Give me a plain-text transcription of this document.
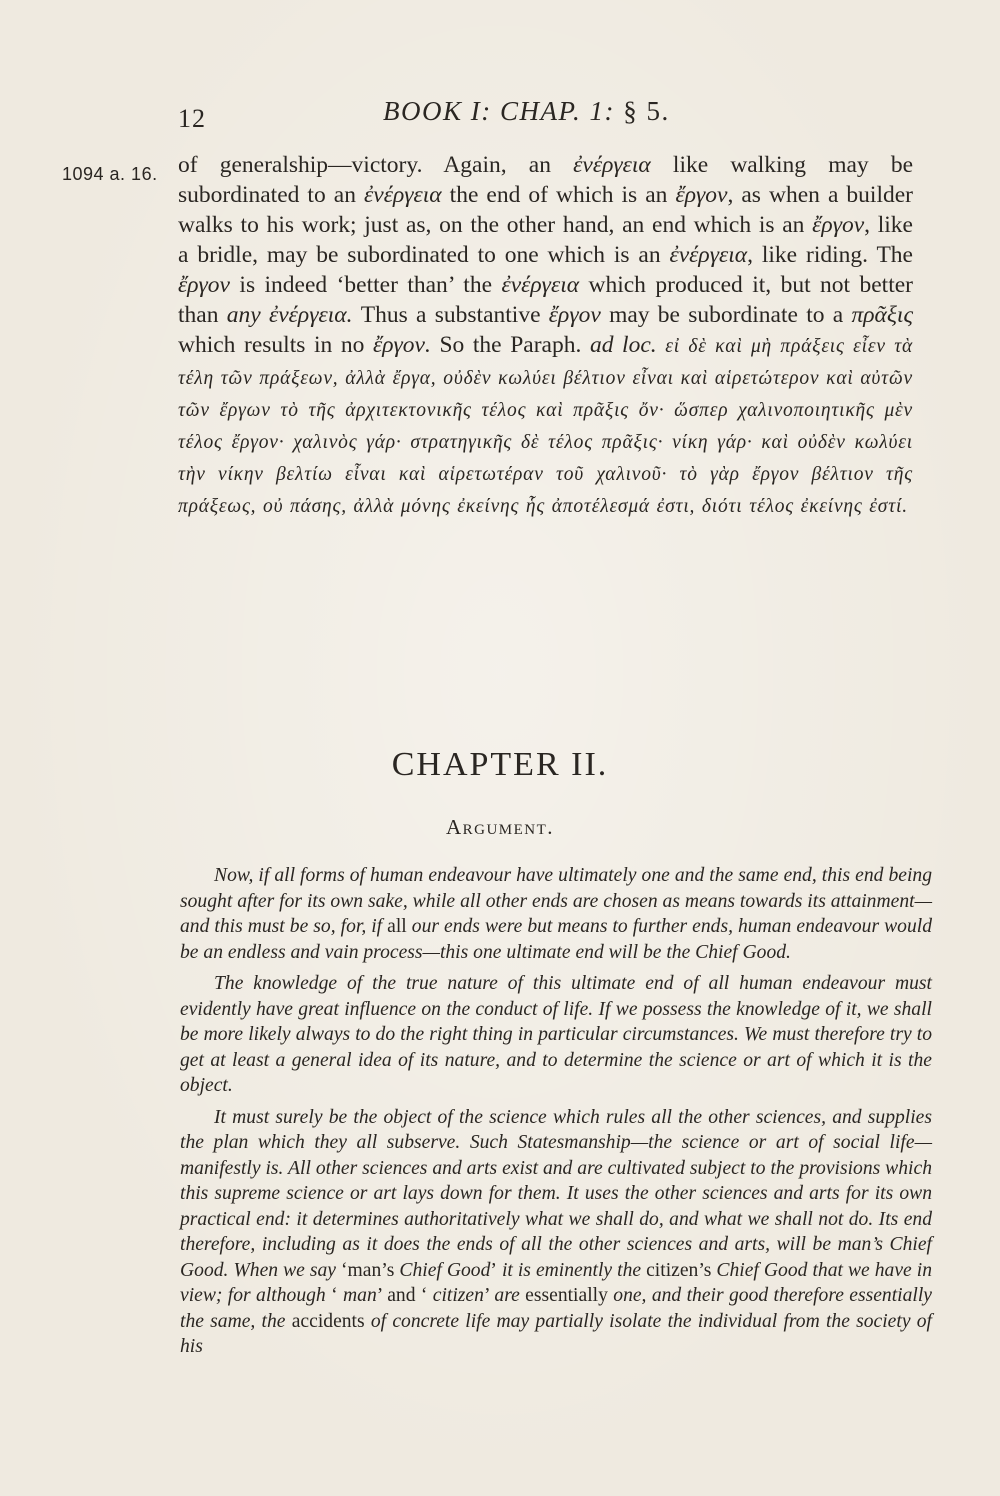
12	BOOK I: CHAP. 1: § 5.
1094 a. 16. of generalship—victory. Again, an ἐνέργεια like walking may be subordinated to an ἐνέργεια the end of which is an ἔργον, as when a builder walks to his work; just as, on the other hand, an end which is an ἔργον, like a bridle, may be subordinated to one which is an ἐνέργεια, like riding. The ἔργον is indeed ‘better than’ the ἐνέργεια which produced it, but not better than any ἐνέργεια. Thus a substantive ἔργον may be subordinate to a πρᾶξις which results in no ἔργον. So the Paraph. ad loc. εἰ δὲ καὶ μὴ πράξεις εἶεν τὰ τέλη τῶν πράξεων, ἀλλὰ ἔργα, οὐδὲν κωλύει βέλτιον εἶναι καὶ αἱρετώτερον καὶ αὐτῶν τῶν ἔργων τὸ τῆς ἀρχιτεκτονικῆς τέλος καὶ πρᾶξις ὄν· ὥσπερ χαλινοποιητικῆς μὲν τέλος ἔργον· χαλινὸς γάρ· στρατηγικῆς δὲ τέλος πρᾶξις· νίκη γάρ· καὶ οὐδὲν κωλύει τὴν νίκην βελτίω εἶναι καὶ αἱρετωτέραν τοῦ χαλινοῦ· τὸ γὰρ ἔργον βέλτιον τῆς πράξεως, οὐ πάσης, ἀλλὰ μόνης ἐκείνης ἧς ἀποτέλεσμά ἐστι, διότι τέλος ἐκείνης ἐστί.

CHAPTER II.
Argument.

Now, if all forms of human endeavour have ultimately one and the same end, this end being sought after for its own sake, while all other ends are chosen as means towards its attainment—and this must be so, for, if all our ends were but means to further ends, human endeavour would be an endless and vain process—this one ultimate end will be the Chief Good.

The knowledge of the true nature of this ultimate end of all human endeavour must evidently have great influence on the conduct of life. If we possess the knowledge of it, we shall be more likely always to do the right thing in particular circumstances. We must therefore try to get at least a general idea of its nature, and to determine the science or art of which it is the object.

It must surely be the object of the science which rules all the other sciences, and supplies the plan which they all subserve. Such Statesmanship—the science or art of social life—manifestly is. All other sciences and arts exist and are cultivated subject to the provisions which this supreme science or art lays down for them. It uses the other sciences and arts for its own practical end: it determines authoritatively what we shall do, and what we shall not do. Its end therefore, including as it does the ends of all the other sciences and arts, will be man’s Chief Good. When we say ‘man’s Chief Good’ it is eminently the citizen’s Chief Good that we have in view; for although ‘ man’ and ‘ citizen’ are essentially one, and their good therefore essentially the same, the accidents of concrete life may partially isolate the individual from the society of his
